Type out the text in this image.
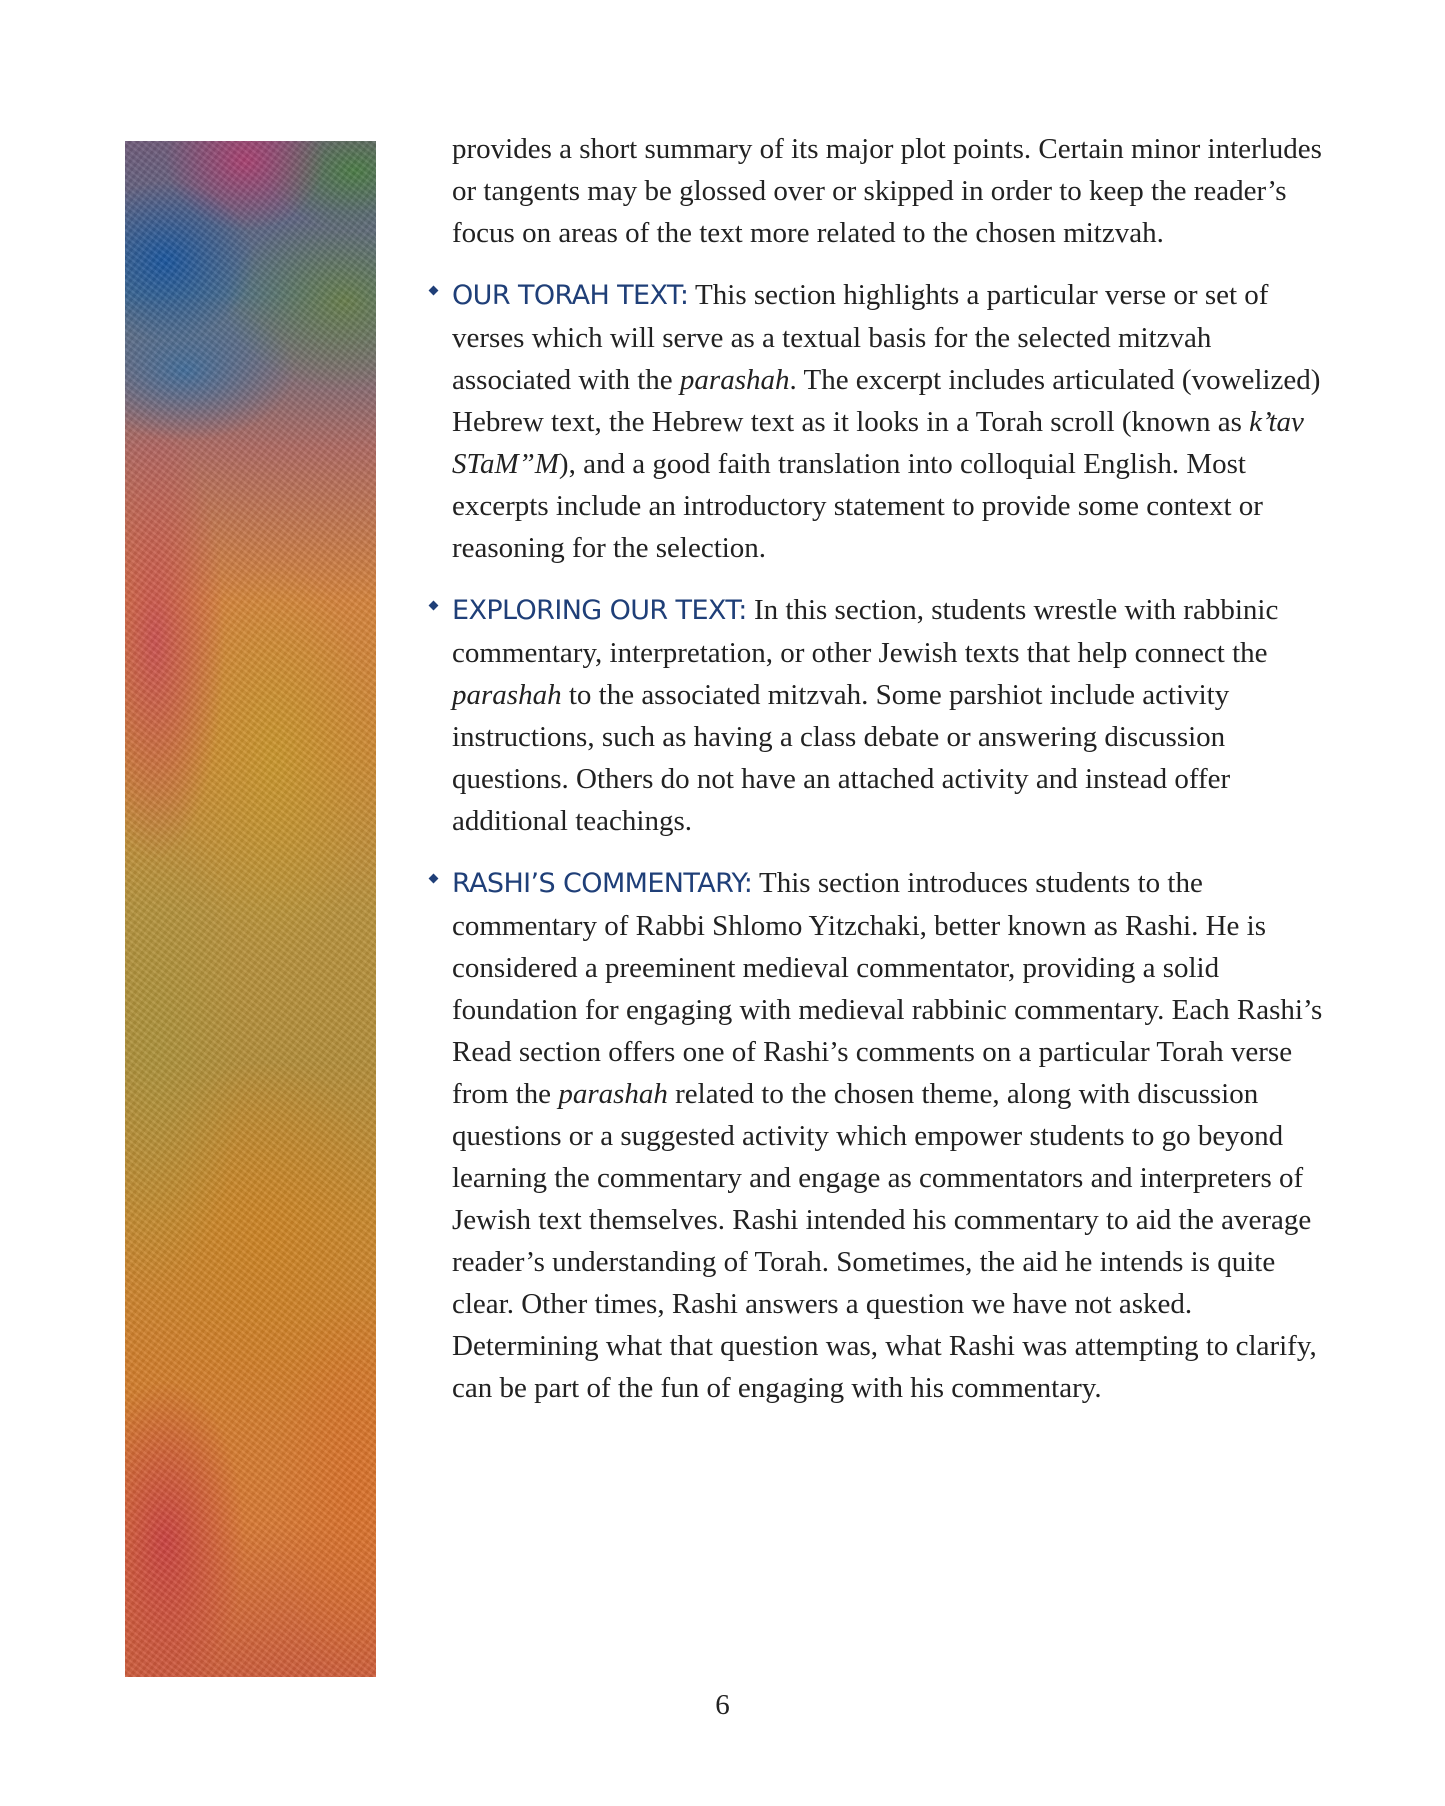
provides a short summary of its major plot points. Certain minor interludes or tangents may be glossed over or skipped in order to keep the reader’s focus on areas of the text more related to the chosen mitzvah.

OUR TORAH TEXT: This section highlights a particular verse or set of verses which will serve as a textual basis for the selected mitzvah associated with the parashah. The excerpt includes articulated (vowelized) Hebrew text, the Hebrew text as it looks in a Torah scroll (known as k’tav STaM”M), and a good faith translation into colloquial English. Most excerpts include an introductory statement to provide some context or reasoning for the selection.

EXPLORING OUR TEXT: In this section, students wrestle with rabbinic commentary, interpretation, or other Jewish texts that help connect the parashah to the associated mitzvah. Some parshiot include activity instructions, such as having a class debate or answering discussion questions. Others do not have an attached activity and instead offer additional teachings.

RASHI’S COMMENTARY: This section introduces students to the commentary of Rabbi Shlomo Yitzchaki, better known as Rashi. He is considered a preeminent medieval commentator, providing a solid foundation for engaging with medieval rabbinic commentary. Each Rashi’s Read section offers one of Rashi’s comments on a particular Torah verse from the parashah related to the chosen theme, along with discussion questions or a suggested activity which empower students to go beyond learning the commentary and engage as commentators and interpreters of Jewish text themselves. Rashi intended his commentary to aid the average reader’s understanding of Torah. Sometimes, the aid he intends is quite clear. Other times, Rashi answers a question we have not asked. Determining what that question was, what Rashi was attempting to clarify, can be part of the fun of engaging with his commentary.

6
